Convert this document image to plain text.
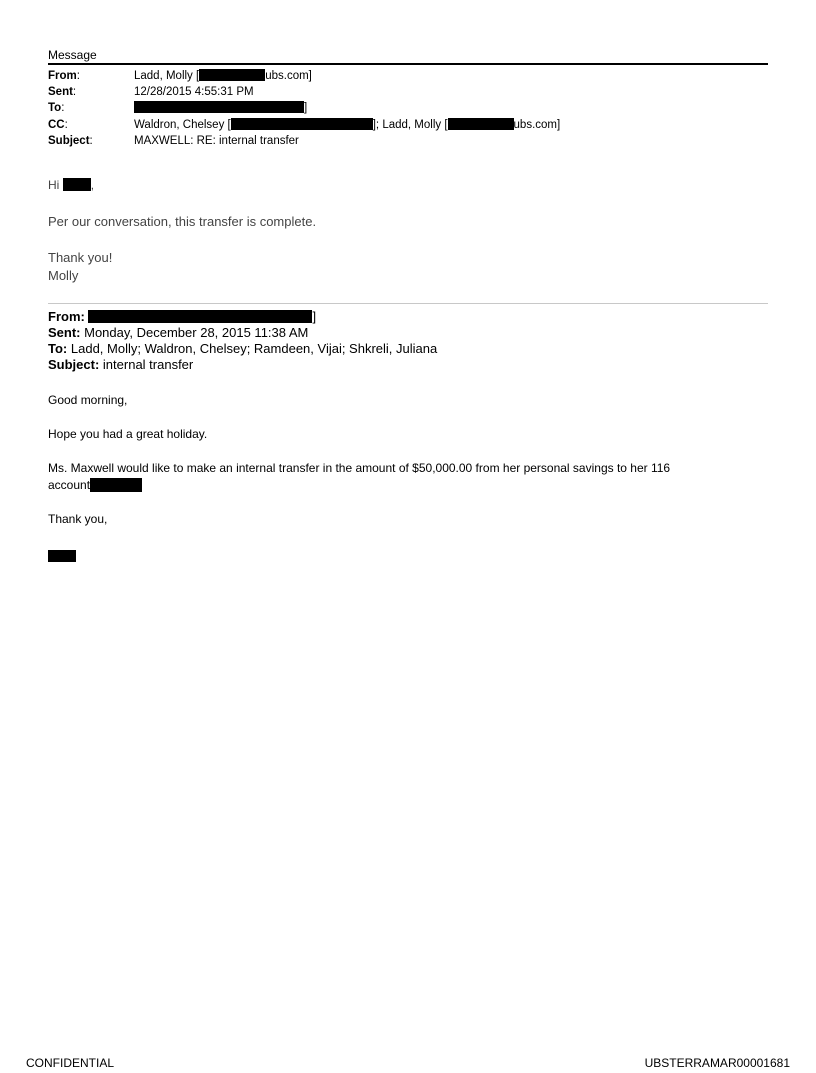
Message
From:	Ladd, Molly [	ubs.com]
Sent:	12/28/2015 4:55:31 PM
To:	]
CC:	Waldron, Chelsey [	]; Ladd, Molly [	ubs.com]
Subject:	MAXWELL: RE: internal transfer
Hi	,
Per our conversation, this transfer is complete.
Thank you!
Molly
From:	]
Sent: Monday, December 28, 2015 11:38 AM
To: Ladd, Molly; Waldron, Chelsey; Ramdeen, Vijai; Shkreli, Juliana
Subject: internal transfer
Good morning,
Hope you had a great holiday.
Ms. Maxwell would like to make an internal transfer in the amount of $50,000.00 from her personal savings to her 116
account
Thank you,
CONFIDENTIAL	UBSTERRAMAR00001681
